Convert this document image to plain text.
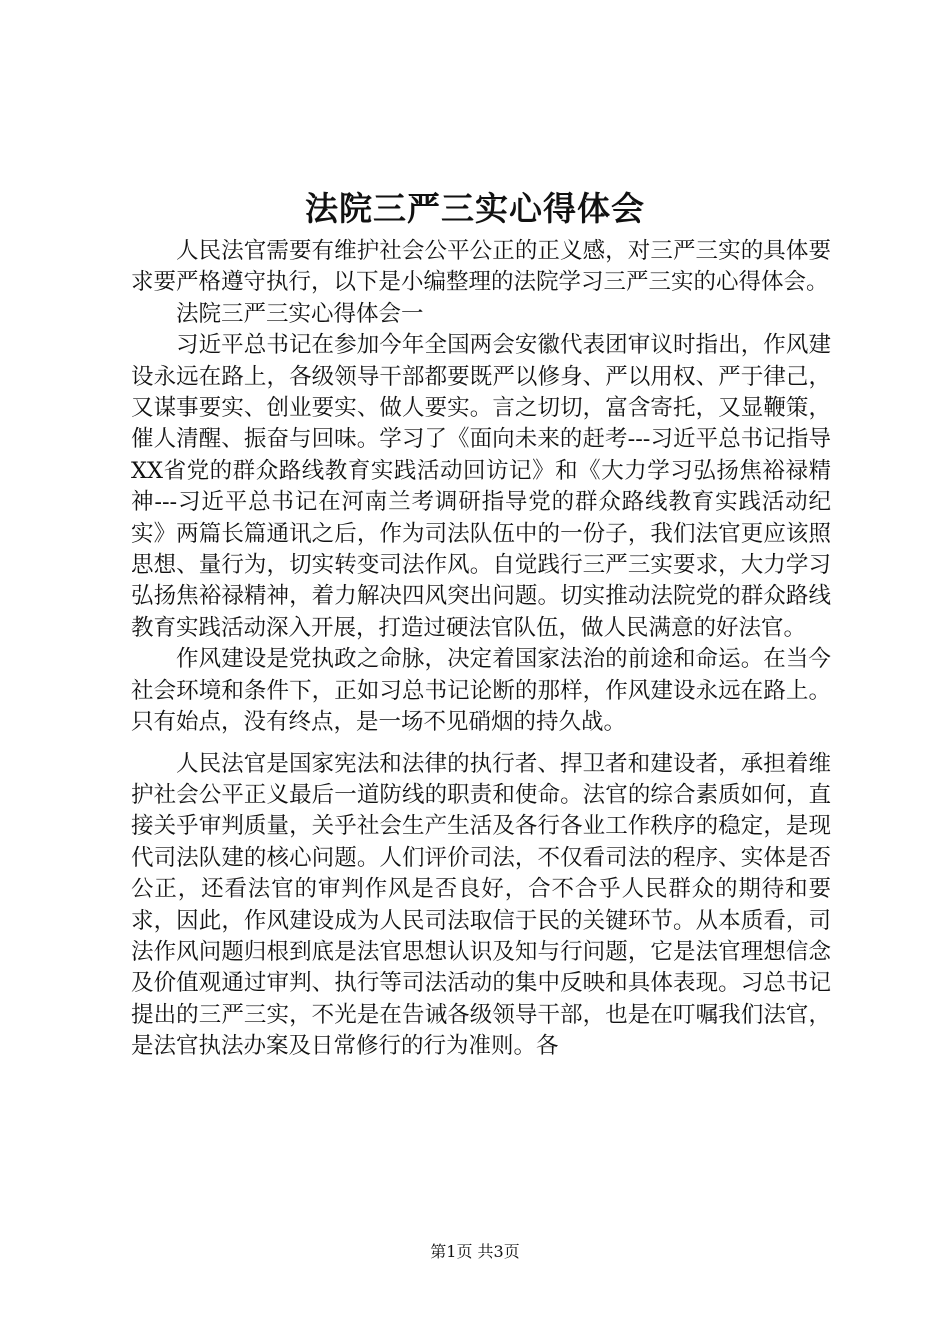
法院三严三实心得体会

人民法官需要有维护社会公平公正的正义感，对三严三实的具体要求要严格遵守执行，以下是小编整理的法院学习三严三实的心得体会。

法院三严三实心得体会一

习近平总书记在参加今年全国两会安徽代表团审议时指出，作风建设永远在路上，各级领导干部都要既严以修身、严以用权、严于律己，又谋事要实、创业要实、做人要实。言之切切，富含寄托，又显鞭策，催人清醒、振奋与回味。学习了《面向未来的赶考---习近平总书记指导XX省党的群众路线教育实践活动回访记》和《大力学习弘扬焦裕禄精神---习近平总书记在河南兰考调研指导党的群众路线教育实践活动纪实》两篇长篇通讯之后，作为司法队伍中的一份子，我们法官更应该照思想、量行为，切实转变司法作风。自觉践行三严三实要求，大力学习弘扬焦裕禄精神，着力解决四风突出问题。切实推动法院党的群众路线教育实践活动深入开展，打造过硬法官队伍，做人民满意的好法官。

作风建设是党执政之命脉，决定着国家法治的前途和命运。在当今社会环境和条件下，正如习总书记论断的那样，作风建设永远在路上。只有始点，没有终点，是一场不见硝烟的持久战。

人民法官是国家宪法和法律的执行者、捍卫者和建设者，承担着维护社会公平正义最后一道防线的职责和使命。法官的综合素质如何，直接关乎审判质量，关乎社会生产生活及各行各业工作秩序的稳定，是现代司法队建的核心问题。人们评价司法，不仅看司法的程序、实体是否公正，还看法官的审判作风是否良好，合不合乎人民群众的期待和要求，因此，作风建设成为人民司法取信于民的关键环节。从本质看，司法作风问题归根到底是法官思想认识及知与行问题，它是法官理想信念及价值观通过审判、执行等司法活动的集中反映和具体表现。习总书记提出的三严三实，不光是在告诫各级领导干部，也是在叮嘱我们法官，是法官执法办案及日常修行的行为准则。各

第1页 共3页
